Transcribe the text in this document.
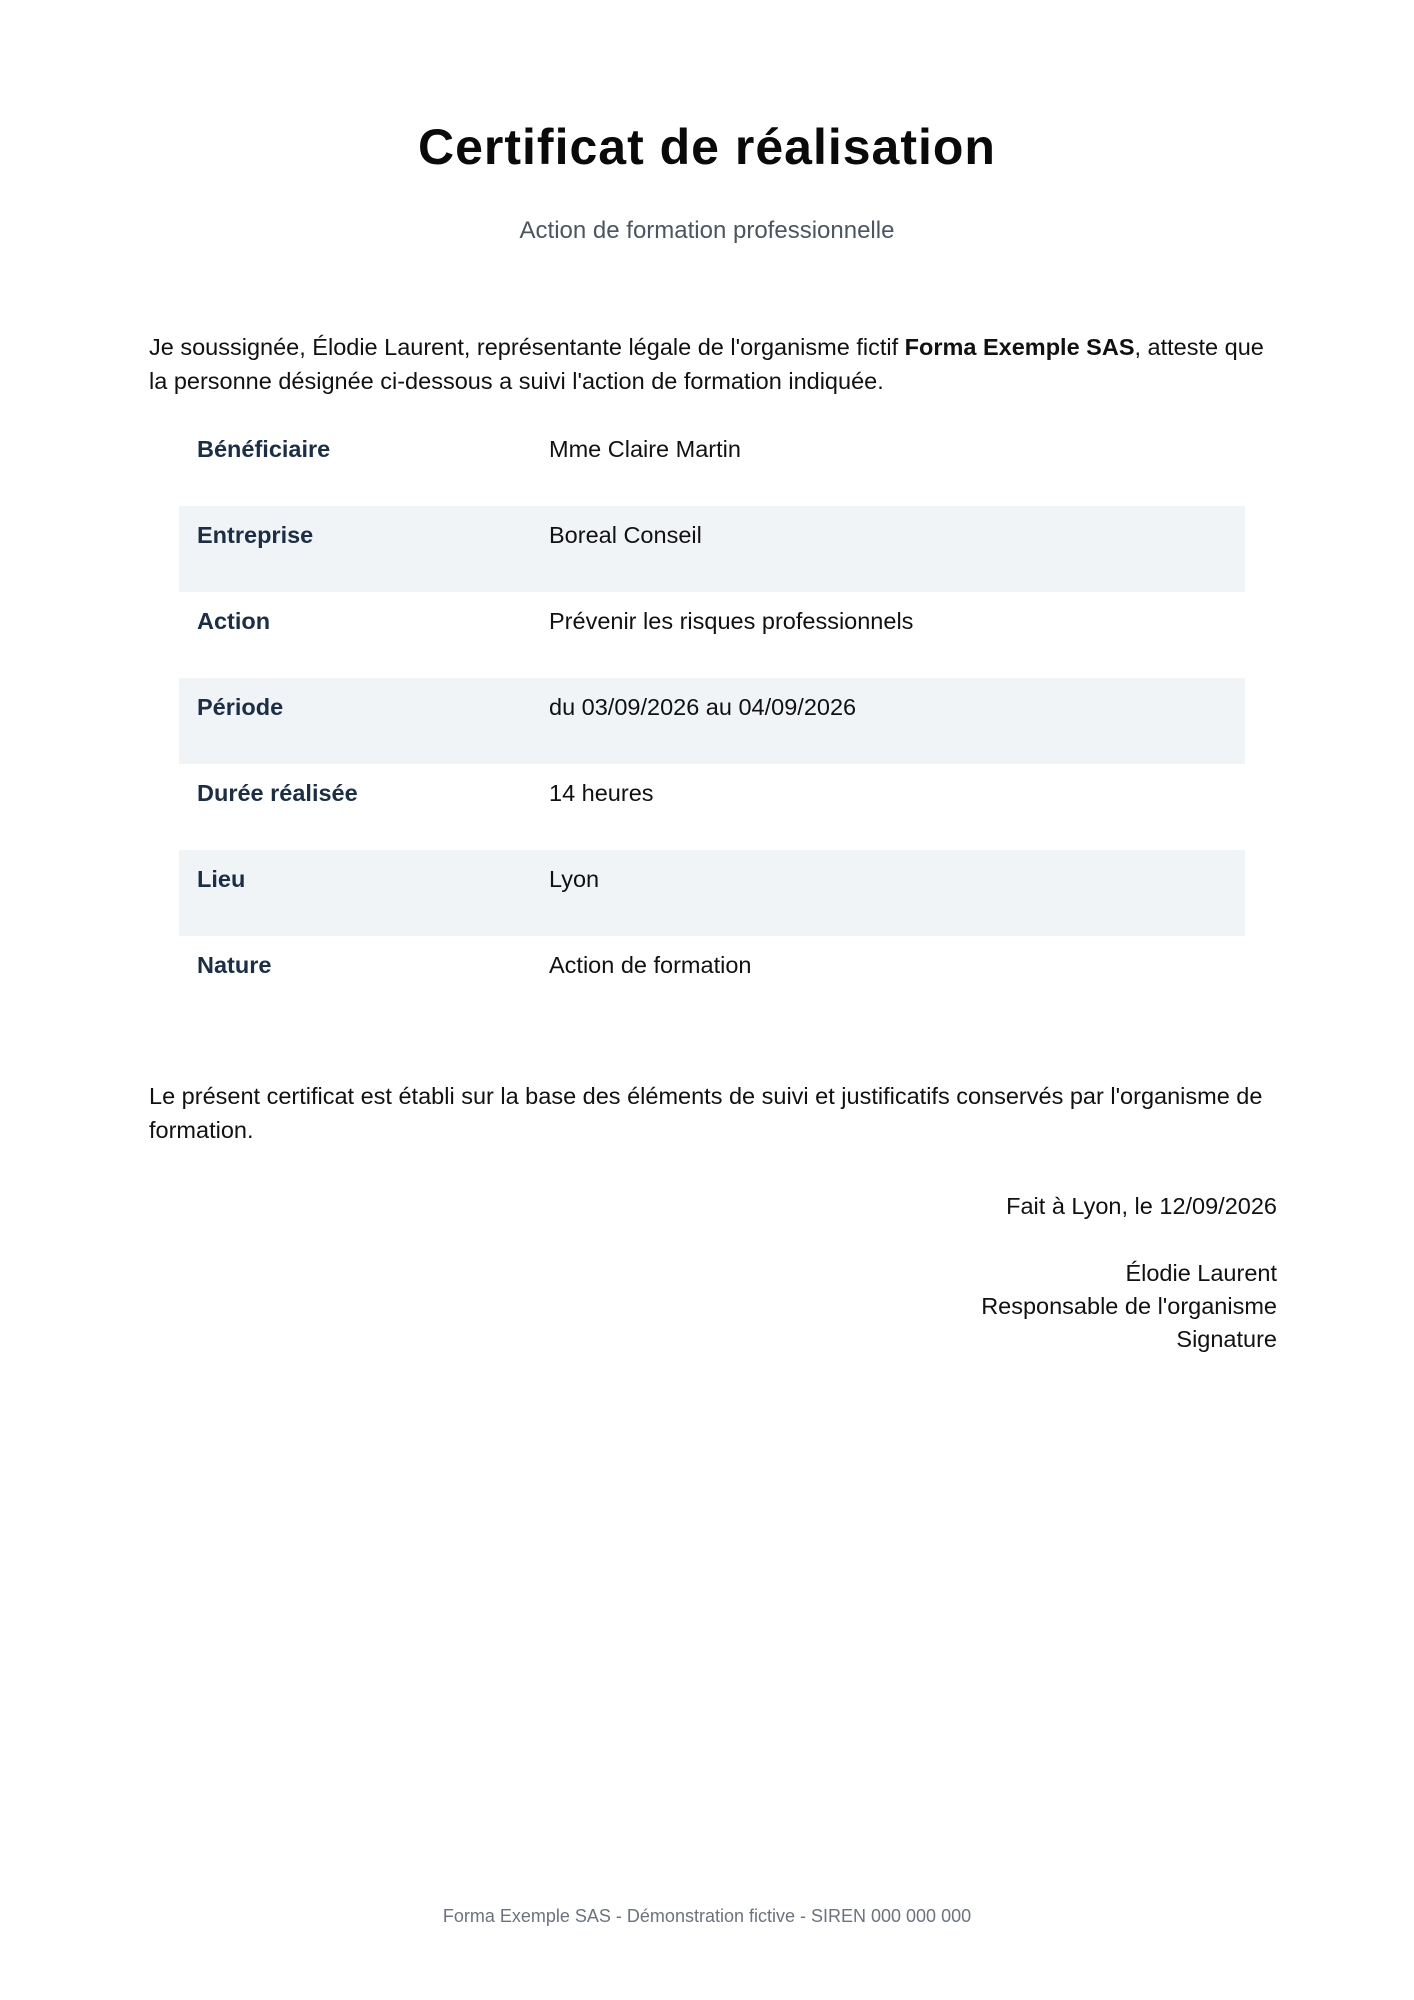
Certificat de réalisation

Action de formation professionnelle

Je soussignée, Élodie Laurent, représentante légale de l'organisme fictif Forma Exemple SAS, atteste que la personne désignée ci-dessous a suivi l'action de formation indiquée.

Bénéficiaire	Mme Claire Martin
Entreprise	Boreal Conseil
Action	Prévenir les risques professionnels
Période	du 03/09/2026 au 04/09/2026
Durée réalisée	14 heures
Lieu	Lyon
Nature	Action de formation

Le présent certificat est établi sur la base des éléments de suivi et justificatifs conservés par l'organisme de formation.

Fait à Lyon, le 12/09/2026
Élodie Laurent
Responsable de l'organisme
Signature
Forma Exemple SAS - Démonstration fictive - SIREN 000 000 000
